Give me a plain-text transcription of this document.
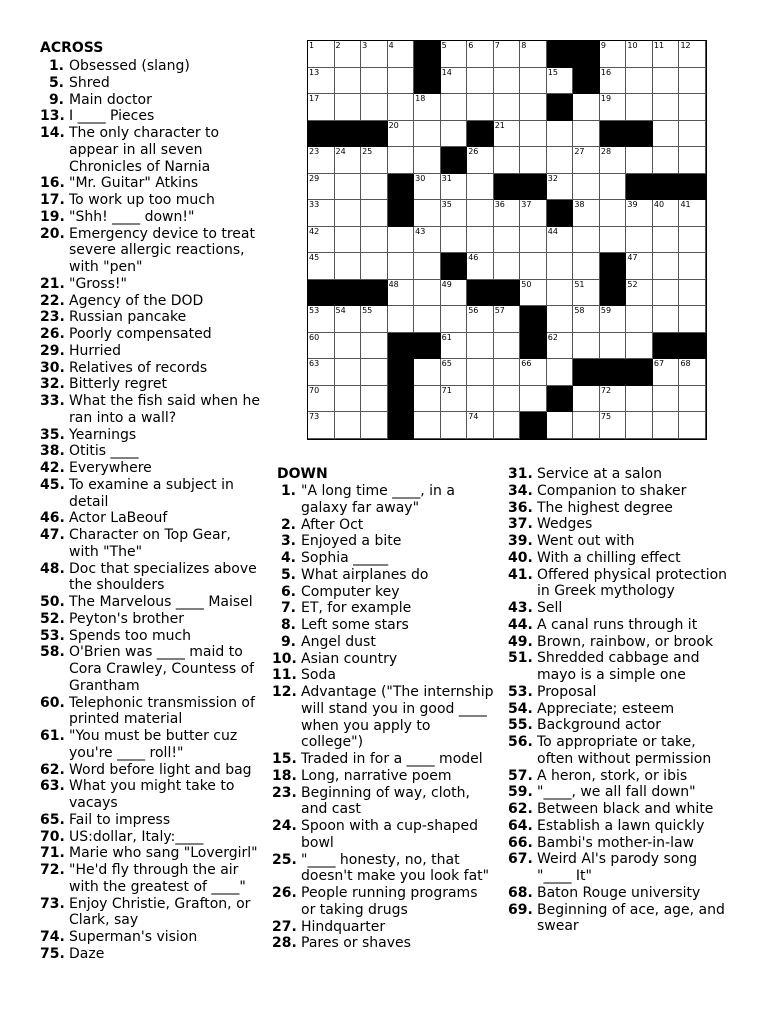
ACROSS
1. Obsessed (slang)
5. Shred
9. Main doctor
13. I ____ Pieces
14. The only character to
appear in all seven
Chronicles of Narnia
16. "Mr. Guitar" Atkins
17. To work up too much
19. "Shh! ____ down!"
20. Emergency device to treat
severe allergic reactions,
with "pen"
21. "Gross!"
22. Agency of the DOD
23. Russian pancake
26. Poorly compensated
29. Hurried
30. Relatives of records
32. Bitterly regret
33. What the fish said when he
ran into a wall?
35. Yearnings
38. Otitis ____
42. Everywhere
45. To examine a subject in
detail
46. Actor LaBeouf
47. Character on Top Gear,
with "The"
48. Doc that specializes above
the shoulders
50. The Marvelous ____ Maisel
52. Peyton's brother
53. Spends too much
58. O'Brien was ____ maid to
Cora Crawley, Countess of
Grantham
60. Telephonic transmission of
printed material
61. "You must be butter cuz
you're ____ roll!"
62. Word before light and bag
63. What you might take to
vacays
65. Fail to impress
70. US:dollar, Italy:____
71. Marie who sang "Lovergirl"
72. "He'd fly through the air
with the greatest of ____"
73. Enjoy Christie, Grafton, or
Clark, say
74. Superman's vision
75. Daze
1	2	3	4	5	6	7	8	9	10 11 12
13	14	15	16
17	18	19
20	21
23 24 25	26	27 28
29	30 31	32
33	35	36 37	38	39 40 41
42	43	44
45	46	47
48	49	50	51	52
53 54 55	56 57	58 59
60	61	62
63	65	66	67 68
70	71	72
73	74	75
DOWN
1. "A long time ____, in a
galaxy far away"
2. After Oct
3. Enjoyed a bite
4. Sophia _____
5. What airplanes do
6. Computer key
7. ET, for example
8. Left some stars
9. Angel dust
10. Asian country
11. Soda
12. Advantage ("The internship
will stand you in good ____
when you apply to
college")
15. Traded in for a ____ model
18. Long, narrative poem
23. Beginning of way, cloth,
and cast
24. Spoon with a cup-shaped
bowl
25. "____ honesty, no, that
doesn't make you look fat"
26. People running programs
or taking drugs
27. Hindquarter
28. Pares or shaves
31. Service at a salon
34. Companion to shaker
36. The highest degree
37. Wedges
39. Went out with
40. With a chilling effect
41. Offered physical protection
in Greek mythology
43. Sell
44. A canal runs through it
49. Brown, rainbow, or brook
51. Shredded cabbage and
mayo is a simple one
53. Proposal
54. Appreciate; esteem
55. Background actor
56. To appropriate or take,
often without permission
57. A heron, stork, or ibis
59. "____, we all fall down"
62. Between black and white
64. Establish a lawn quickly
66. Bambi's mother-in-law
67. Weird Al's parody song
"____ It"
68. Baton Rouge university
69. Beginning of ace, age, and
swear
